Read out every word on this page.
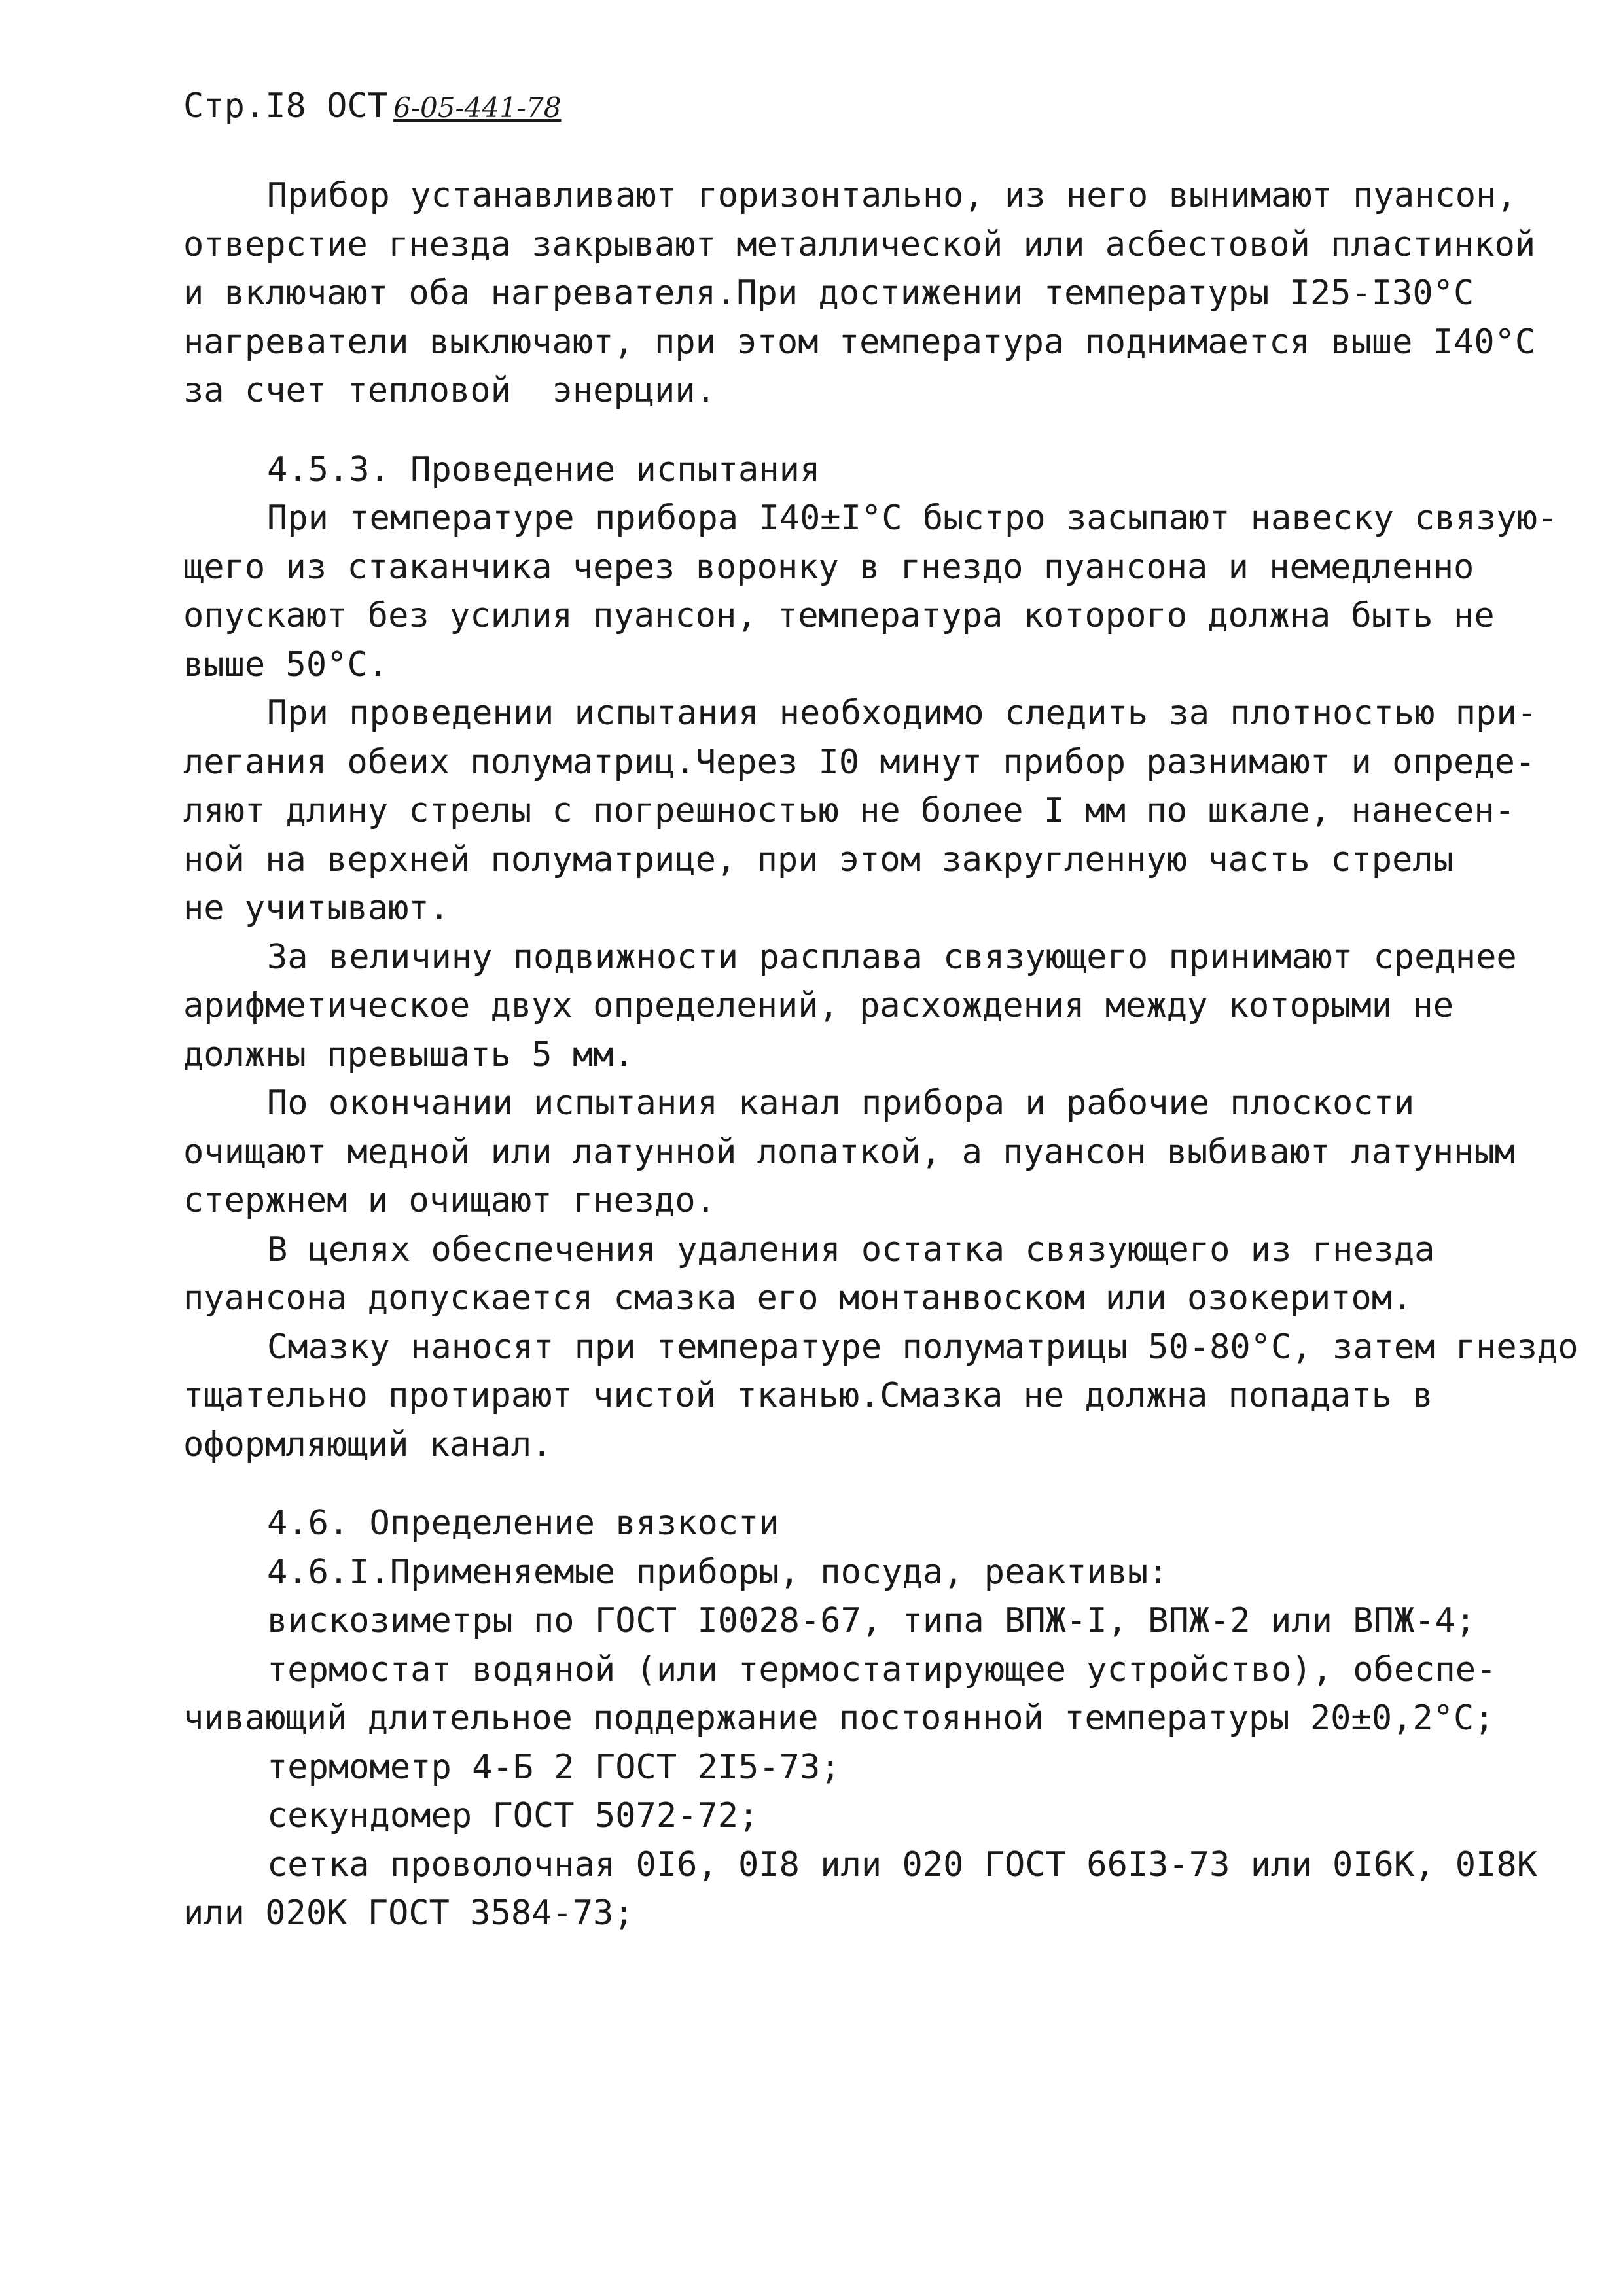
Стр.I8 ОСТ 6-05-441-78
Прибор устанавливают горизонтально, из него вынимают пуансон,
отверстие гнезда закрывают металлической или асбестовой пластинкой
и включают оба нагревателя.При достижении температуры I25-I30°С
нагреватели выключают, при этом температура поднимается выше I40°С
за счет тепловой  энерции.
4.5.3. Проведение испытания
При температуре прибора I40±I°С быстро засыпают навеску связую-
щего из стаканчика через воронку в гнездо пуансона и немедленно
опускают без усилия пуансон, температура которого должна быть не
выше 50°С.
При проведении испытания необходимо следить за плотностью при-
легания обеих полуматриц.Через I0 минут прибор разнимают и опреде-
ляют длину стрелы с погрешностью не более I мм по шкале, нанесен-
ной на верхней полуматрице, при этом закругленную часть стрелы
не учитывают.
За величину подвижности расплава связующего принимают среднее
арифметическое двух определений, расхождения между которыми не
должны превышать 5 мм.
По окончании испытания канал прибора и рабочие плоскости
очищают медной или латунной лопаткой, а пуансон выбивают латунным
стержнем и очищают гнездо.
В целях обеспечения удаления остатка связующего из гнезда
пуансона допускается смазка его монтанвоском или озокеритом.
Смазку наносят при температуре полуматрицы 50-80°С, затем гнездо
тщательно протирают чистой тканью.Смазка не должна попадать в
оформляющий канал.
4.6. Определение вязкости
4.6.I.Применяемые приборы, посуда, реактивы:
вискозиметры по ГОСТ I0028-67, типа ВПЖ-I, ВПЖ-2 или ВПЖ-4;
термостат водяной (или термостатирующее устройство), обеспе-
чивающий длительное поддержание постоянной температуры 20±0,2°С;
термометр 4-Б 2 ГОСТ 2I5-73;
секундомер ГОСТ 5072-72;
сетка проволочная 0I6, 0I8 или 020 ГОСТ 66I3-73 или 0I6К, 0I8К
или 020К ГОСТ 3584-73;
